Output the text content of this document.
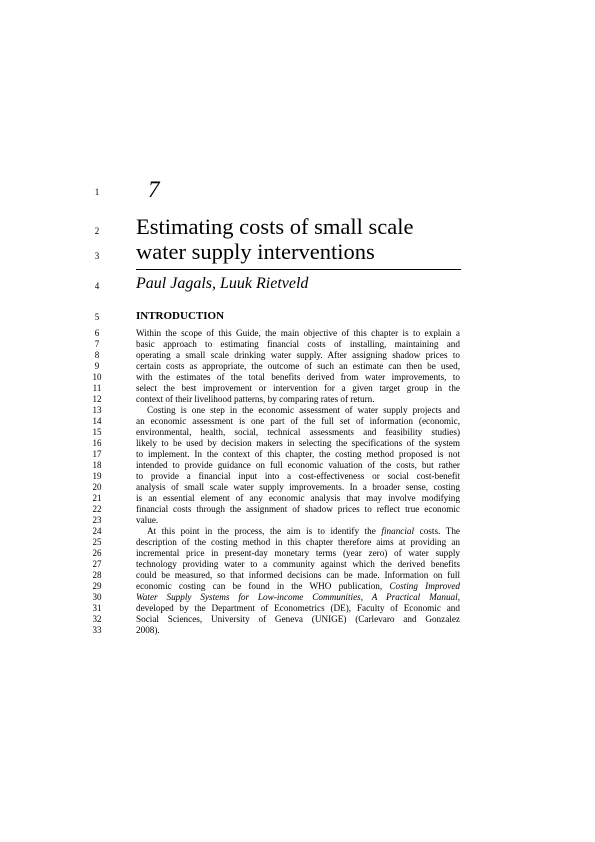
1
2
3
4
5
6
7
8
9
10
11
12
13
14
15
16
17
18
19
20
21
22
23
24
25
26
27
28
29
30
31
32
33
7
Estimating costs of small scale
water supply interventions
Paul Jagals, Luuk Rietveld
INTRODUCTION
Within the scope of this Guide, the main objective of this chapter is to explain a
basic approach to estimating financial costs of installing, maintaining and
operating a small scale drinking water supply. After assigning shadow prices to
certain costs as appropriate, the outcome of such an estimate can then be used,
with the estimates of the total benefits derived from water improvements, to
select the best improvement or intervention for a given target group in the
context of their livelihood patterns, by comparing rates of return.
Costing is one step in the economic assessment of water supply projects and
an economic assessment is one part of the full set of information (economic,
environmental, health, social, technical assessments and feasibility studies)
likely to be used by decision makers in selecting the specifications of the system
to implement. In the context of this chapter, the costing method proposed is not
intended to provide guidance on full economic valuation of the costs, but rather
to provide a financial input into a cost-effectiveness or social cost-benefit
analysis of small scale water supply improvements. In a broader sense, costing
is an essential element of any economic analysis that may involve modifying
financial costs through the assignment of shadow prices to reflect true economic
value.
At this point in the process, the aim is to identify the financial costs. The
description of the costing method in this chapter therefore aims at providing an
incremental price in present-day monetary terms (year zero) of water supply
technology providing water to a community against which the derived benefits
could be measured, so that informed decisions can be made. Information on full
economic costing can be found in the WHO publication, Costing Improved
Water Supply Systems for Low-income Communities, A Practical Manual,
developed by the Department of Econometrics (DE), Faculty of Economic and
Social Sciences, University of Geneva (UNIGE) (Carlevaro and Gonzalez
2008).
